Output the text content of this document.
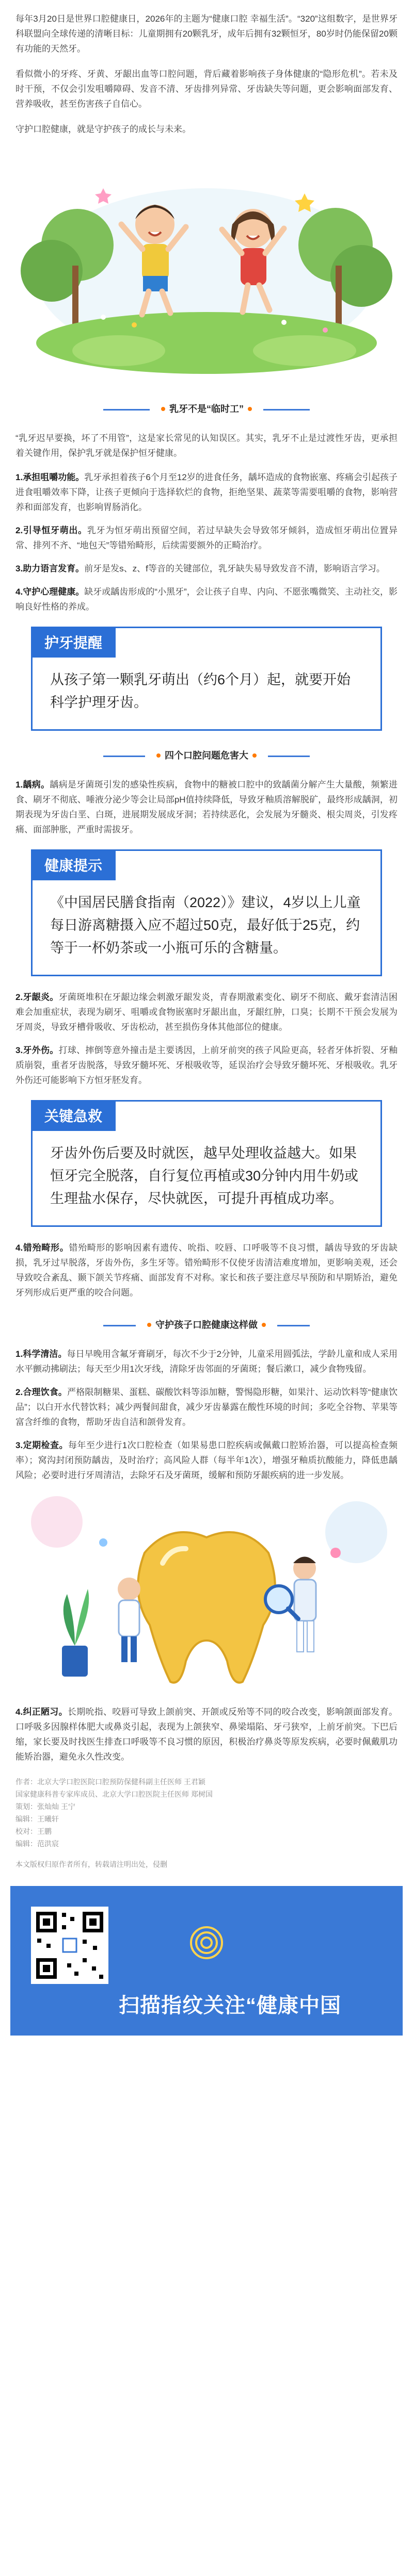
每年3月20日是世界口腔健康日，2026年的主题为“健康口腔 幸福生活”。“320”这组数字，是世界牙科联盟向全球传递的清晰目标：儿童期拥有20颗乳牙，成年后拥有32颗恒牙，80岁时仍能保留20颗有功能的天然牙。

看似微小的牙疼、牙黄、牙龈出血等口腔问题，背后藏着影响孩子身体健康的“隐形危机”。若未及时干预，不仅会引发咀嚼障碍、发音不清、牙齿排列异常、牙齿缺失等问题，更会影响面部发育、营养吸收，甚至伤害孩子自信心。

守护口腔健康，就是守护孩子的成长与未来。

乳牙不是“临时工”

“乳牙迟早要换，坏了不用管”，这是家长常见的认知误区。其实，乳牙不止是过渡性牙齿，更承担着关键作用，保护乳牙就是保护恒牙健康。

1.承担咀嚼功能。乳牙承担着孩子6个月至12岁的进食任务，龋坏造成的食物嵌塞、疼痛会引起孩子进食咀嚼效率下降，让孩子更倾向于选择软烂的食物，拒绝坚果、蔬菜等需要咀嚼的食物，影响营养和面部发育，也影响胃肠消化。

2.引导恒牙萌出。乳牙为恒牙萌出预留空间，若过早缺失会导致邻牙倾斜，造成恒牙萌出位置异常、排列不齐、“地包天”等错殆畸形，后续需要额外的正畸治疗。

3.助力语言发育。前牙是发s、z、f等音的关键部位，乳牙缺失易导致发音不清，影响语言学习。

4.守护心理健康。缺牙或龋齿形成的“小黑牙”，会让孩子自卑、内向、不愿张嘴微笑、主动社交，影响良好性格的养成。

护牙提醒
从孩子第一颗乳牙萌出（约6个月）起，就要开始科学护理牙齿。
四个口腔问题危害大

1.龋病。龋病是牙菌斑引发的感染性疾病，食物中的糖被口腔中的致龋菌分解产生大量酸，频繁进食、刷牙不彻底、唾液分泌少等会让局部pH值持续降低，导致牙釉质溶解脱矿，最终形成龋洞，初期表现为牙齿白垩、白斑，进展期发展成牙洞；若持续恶化，会发展为牙髓炎、根尖周炎，引发疼痛、面部肿胀，严重时需拔牙。

健康提示
《中国居民膳食指南（2022）》建议，4岁以上儿童每日游离糖摄入应不超过50克，最好低于25克，约等于一杯奶茶或一小瓶可乐的含糖量。

2.牙龈炎。牙菌斑堆积在牙龈边缘会刺激牙龈发炎，青春期激素变化、刷牙不彻底、戴牙套清洁困难会加重症状，表现为刷牙、咀嚼或食物嵌塞时牙龈出血，牙龈红肿，口臭；长期不干预会发展为牙周炎，导致牙槽骨吸收、牙齿松动，甚至损伤身体其他部位的健康。

3.牙外伤。打球、摔倒等意外撞击是主要诱因，上前牙前突的孩子风险更高，轻者牙体折裂、牙釉质崩裂，重者牙齿脱落，导致牙髓坏死、牙根吸收等，延误治疗会导致牙髓坏死、牙根吸收。乳牙外伤还可能影响下方恒牙胚发育。

关键急救
牙齿外伤后要及时就医，越早处理收益越大。如果恒牙完全脱落，自行复位再植或30分钟内用牛奶或生理盐水保存，尽快就医，可提升再植成功率。

4.错殆畸形。错殆畸形的影响因素有遗传、吮指、咬唇、口呼吸等不良习惯，龋齿导致的牙齿缺损，乳牙过早脱落，牙齿外伤，多生牙等。错殆畸形不仅使牙齿清洁难度增加，更影响美观，还会导致咬合紊乱、颞下颌关节疼痛、面部发育不对称。家长和孩子要注意尽早预防和早期矫治，避免牙列形成后更严重的咬合问题。

守护孩子口腔健康这样做

1.科学清洁。每日早晚用含氟牙膏刷牙，每次不少于2分钟，儿童采用圆弧法，学龄儿童和成人采用水平颤动拂刷法；每天至少用1次牙线，清除牙齿邻面的牙菌斑；餐后漱口，减少食物残留。

2.合理饮食。严格限制糖果、蛋糕、碳酸饮料等添加糖，警惕隐形糖，如果汁、运动饮料等“健康饮品”；以白开水代替饮料；减少两餐间甜食，减少牙齿暴露在酸性环境的时间；多吃全谷物、苹果等富含纤维的食物，帮助牙齿自洁和颌骨发育。

3.定期检查。每年至少进行1次口腔检查（如果易患口腔疾病或佩戴口腔矫治器，可以提高检查频率）；窝沟封闭预防龋齿，及时治疗；高风险人群（每半年1次），增强牙釉质抗酸能力，降低患龋风险；必要时进行牙周清洁，去除牙石及牙菌斑，缓解和预防牙龈疾病的进一步发展。

4.纠正陋习。长期吮指、咬唇可导致上颌前突、开颌或反殆等不同的咬合改变，影响颌面部发育。口呼吸多因腺样体肥大或鼻炎引起，表现为上颌狭窄、鼻梁塌陷、牙弓狭窄，上前牙前突。下巴后缩，家长要及时找医生排查口呼吸等不良习惯的原因，积极治疗鼻炎等原发疾病，必要时佩戴肌功能矫治器，避免永久性改变。

作者：北京大学口腔医院口腔预防保健科副主任医师 王君颖
国家健康科普专家库成员、北京大学口腔医院主任医师 郑树国
策划：张灿灿 王宁
编辑：王曦轩
校对：王鹏
编辑：范洪宸
本文版权归原作者所有，转载请注明出处，侵删
扫描指纹关注“健康中国
